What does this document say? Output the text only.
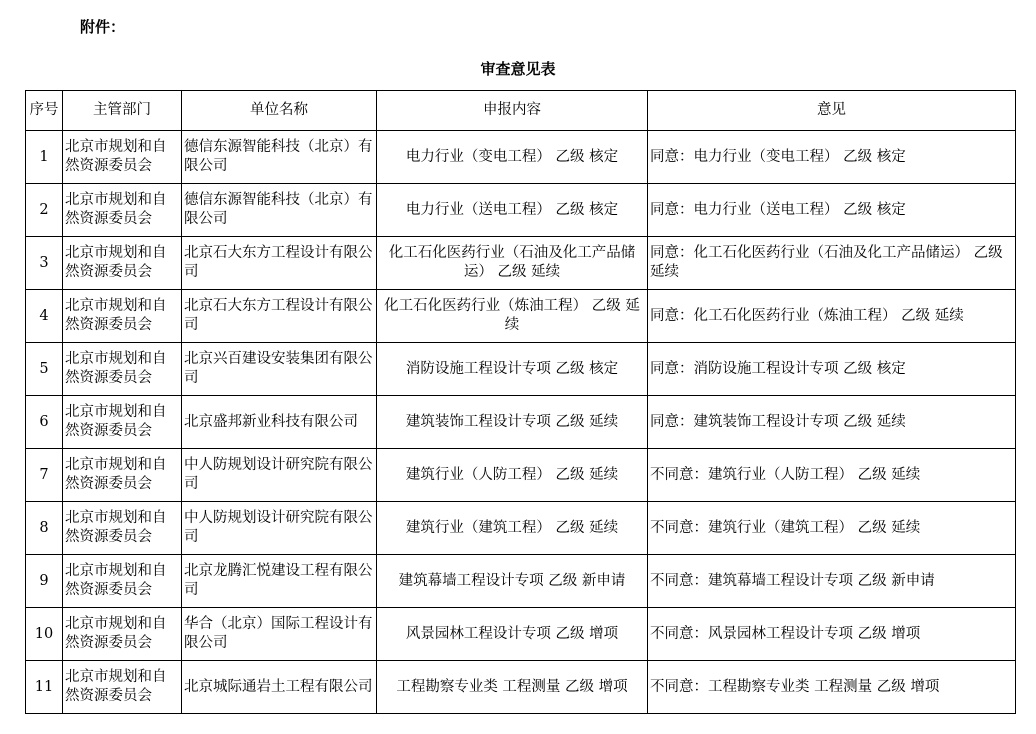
附件：
审查意见表
序号	主管部门	单位名称	申报内容	意见
1	北京市规划和自然资源委员会	德信东源智能科技（北京）有限公司	电力行业（变电工程） 乙级 核定	同意：电力行业（变电工程） 乙级 核定
2	北京市规划和自然资源委员会	德信东源智能科技（北京）有限公司	电力行业（送电工程） 乙级 核定	同意：电力行业（送电工程） 乙级 核定
3	北京市规划和自然资源委员会	北京石大东方工程设计有限公司	化工石化医药行业（石油及化工产品储运） 乙级 延续	同意：化工石化医药行业（石油及化工产品储运） 乙级 延续
4	北京市规划和自然资源委员会	北京石大东方工程设计有限公司	化工石化医药行业（炼油工程） 乙级 延续	同意：化工石化医药行业（炼油工程） 乙级 延续
5	北京市规划和自然资源委员会	北京兴百建设安装集团有限公司	消防设施工程设计专项 乙级 核定	同意：消防设施工程设计专项 乙级 核定
6	北京市规划和自然资源委员会	北京盛邦新业科技有限公司	建筑装饰工程设计专项 乙级 延续	同意：建筑装饰工程设计专项 乙级 延续
7	北京市规划和自然资源委员会	中人防规划设计研究院有限公司	建筑行业（人防工程） 乙级 延续	不同意：建筑行业（人防工程） 乙级 延续
8	北京市规划和自然资源委员会	中人防规划设计研究院有限公司	建筑行业（建筑工程） 乙级 延续	不同意：建筑行业（建筑工程） 乙级 延续
9	北京市规划和自然资源委员会	北京龙腾汇悦建设工程有限公司	建筑幕墙工程设计专项 乙级 新申请	不同意：建筑幕墙工程设计专项 乙级 新申请
10	北京市规划和自然资源委员会	华合（北京）国际工程设计有限公司	风景园林工程设计专项 乙级 增项	不同意：风景园林工程设计专项 乙级 增项
11	北京市规划和自然资源委员会	北京城际通岩土工程有限公司	工程勘察专业类 工程测量 乙级 增项	不同意：工程勘察专业类 工程测量 乙级 增项
